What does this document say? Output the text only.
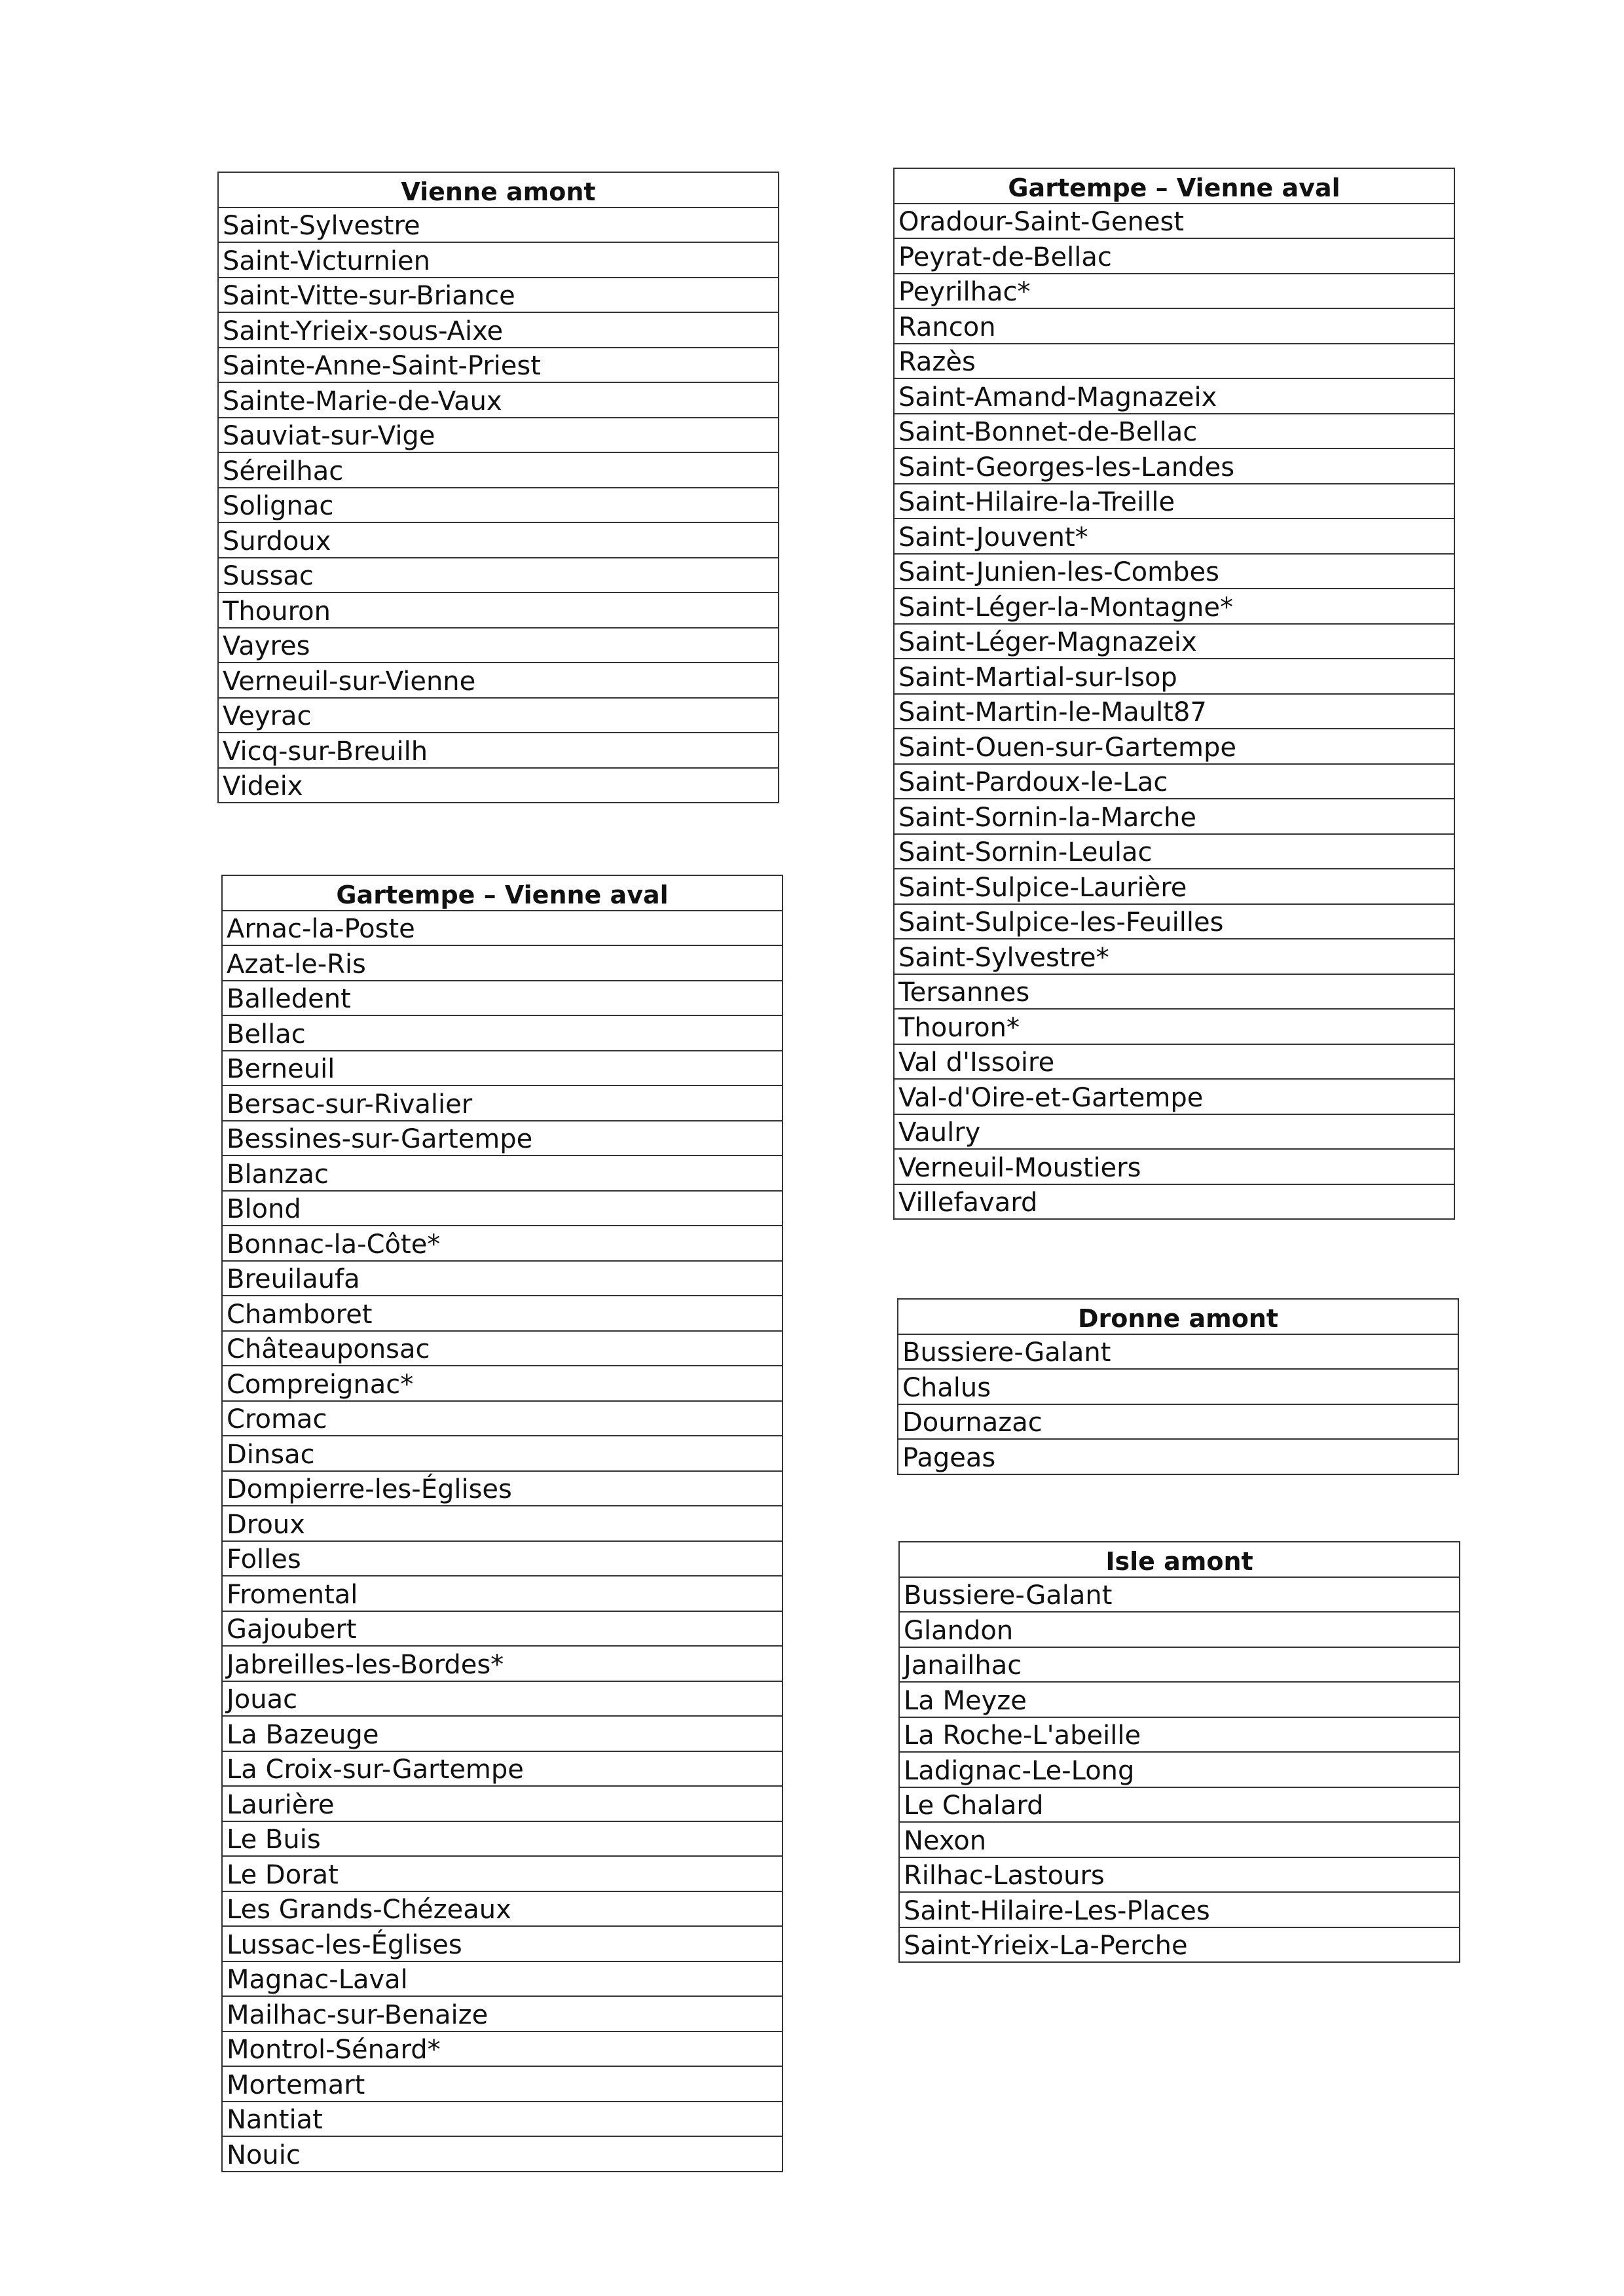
Vienne amont
Saint-Sylvestre
Saint-Victurnien
Saint-Vitte-sur-Briance
Saint-Yrieix-sous-Aixe
Sainte-Anne-Saint-Priest
Sainte-Marie-de-Vaux
Sauviat-sur-Vige
Séreilhac
Solignac
Surdoux
Sussac
Thouron
Vayres
Verneuil-sur-Vienne
Veyrac
Vicq-sur-Breuilh
Videix
Gartempe – Vienne aval
Arnac-la-Poste
Azat-le-Ris
Balledent
Bellac
Berneuil
Bersac-sur-Rivalier
Bessines-sur-Gartempe
Blanzac
Blond
Bonnac-la-Côte*
Breuilaufa
Chamboret
Châteauponsac
Compreignac*
Cromac
Dinsac
Dompierre-les-Églises
Droux
Folles
Fromental
Gajoubert
Jabreilles-les-Bordes*
Jouac
La Bazeuge
La Croix-sur-Gartempe
Laurière
Le Buis
Le Dorat
Les Grands-Chézeaux
Lussac-les-Églises
Magnac-Laval
Mailhac-sur-Benaize
Montrol-Sénard*
Mortemart
Nantiat
Nouic
Gartempe – Vienne aval
Oradour-Saint-Genest
Peyrat-de-Bellac
Peyrilhac*
Rancon
Razès
Saint-Amand-Magnazeix
Saint-Bonnet-de-Bellac
Saint-Georges-les-Landes
Saint-Hilaire-la-Treille
Saint-Jouvent*
Saint-Junien-les-Combes
Saint-Léger-la-Montagne*
Saint-Léger-Magnazeix
Saint-Martial-sur-Isop
Saint-Martin-le-Mault87
Saint-Ouen-sur-Gartempe
Saint-Pardoux-le-Lac
Saint-Sornin-la-Marche
Saint-Sornin-Leulac
Saint-Sulpice-Laurière
Saint-Sulpice-les-Feuilles
Saint-Sylvestre*
Tersannes
Thouron*
Val d'Issoire
Val-d'Oire-et-Gartempe
Vaulry
Verneuil-Moustiers
Villefavard
Dronne amont
Bussiere-Galant
Chalus
Dournazac
Pageas
Isle amont
Bussiere-Galant
Glandon
Janailhac
La Meyze
La Roche-L'abeille
Ladignac-Le-Long
Le Chalard
Nexon
Rilhac-Lastours
Saint-Hilaire-Les-Places
Saint-Yrieix-La-Perche
